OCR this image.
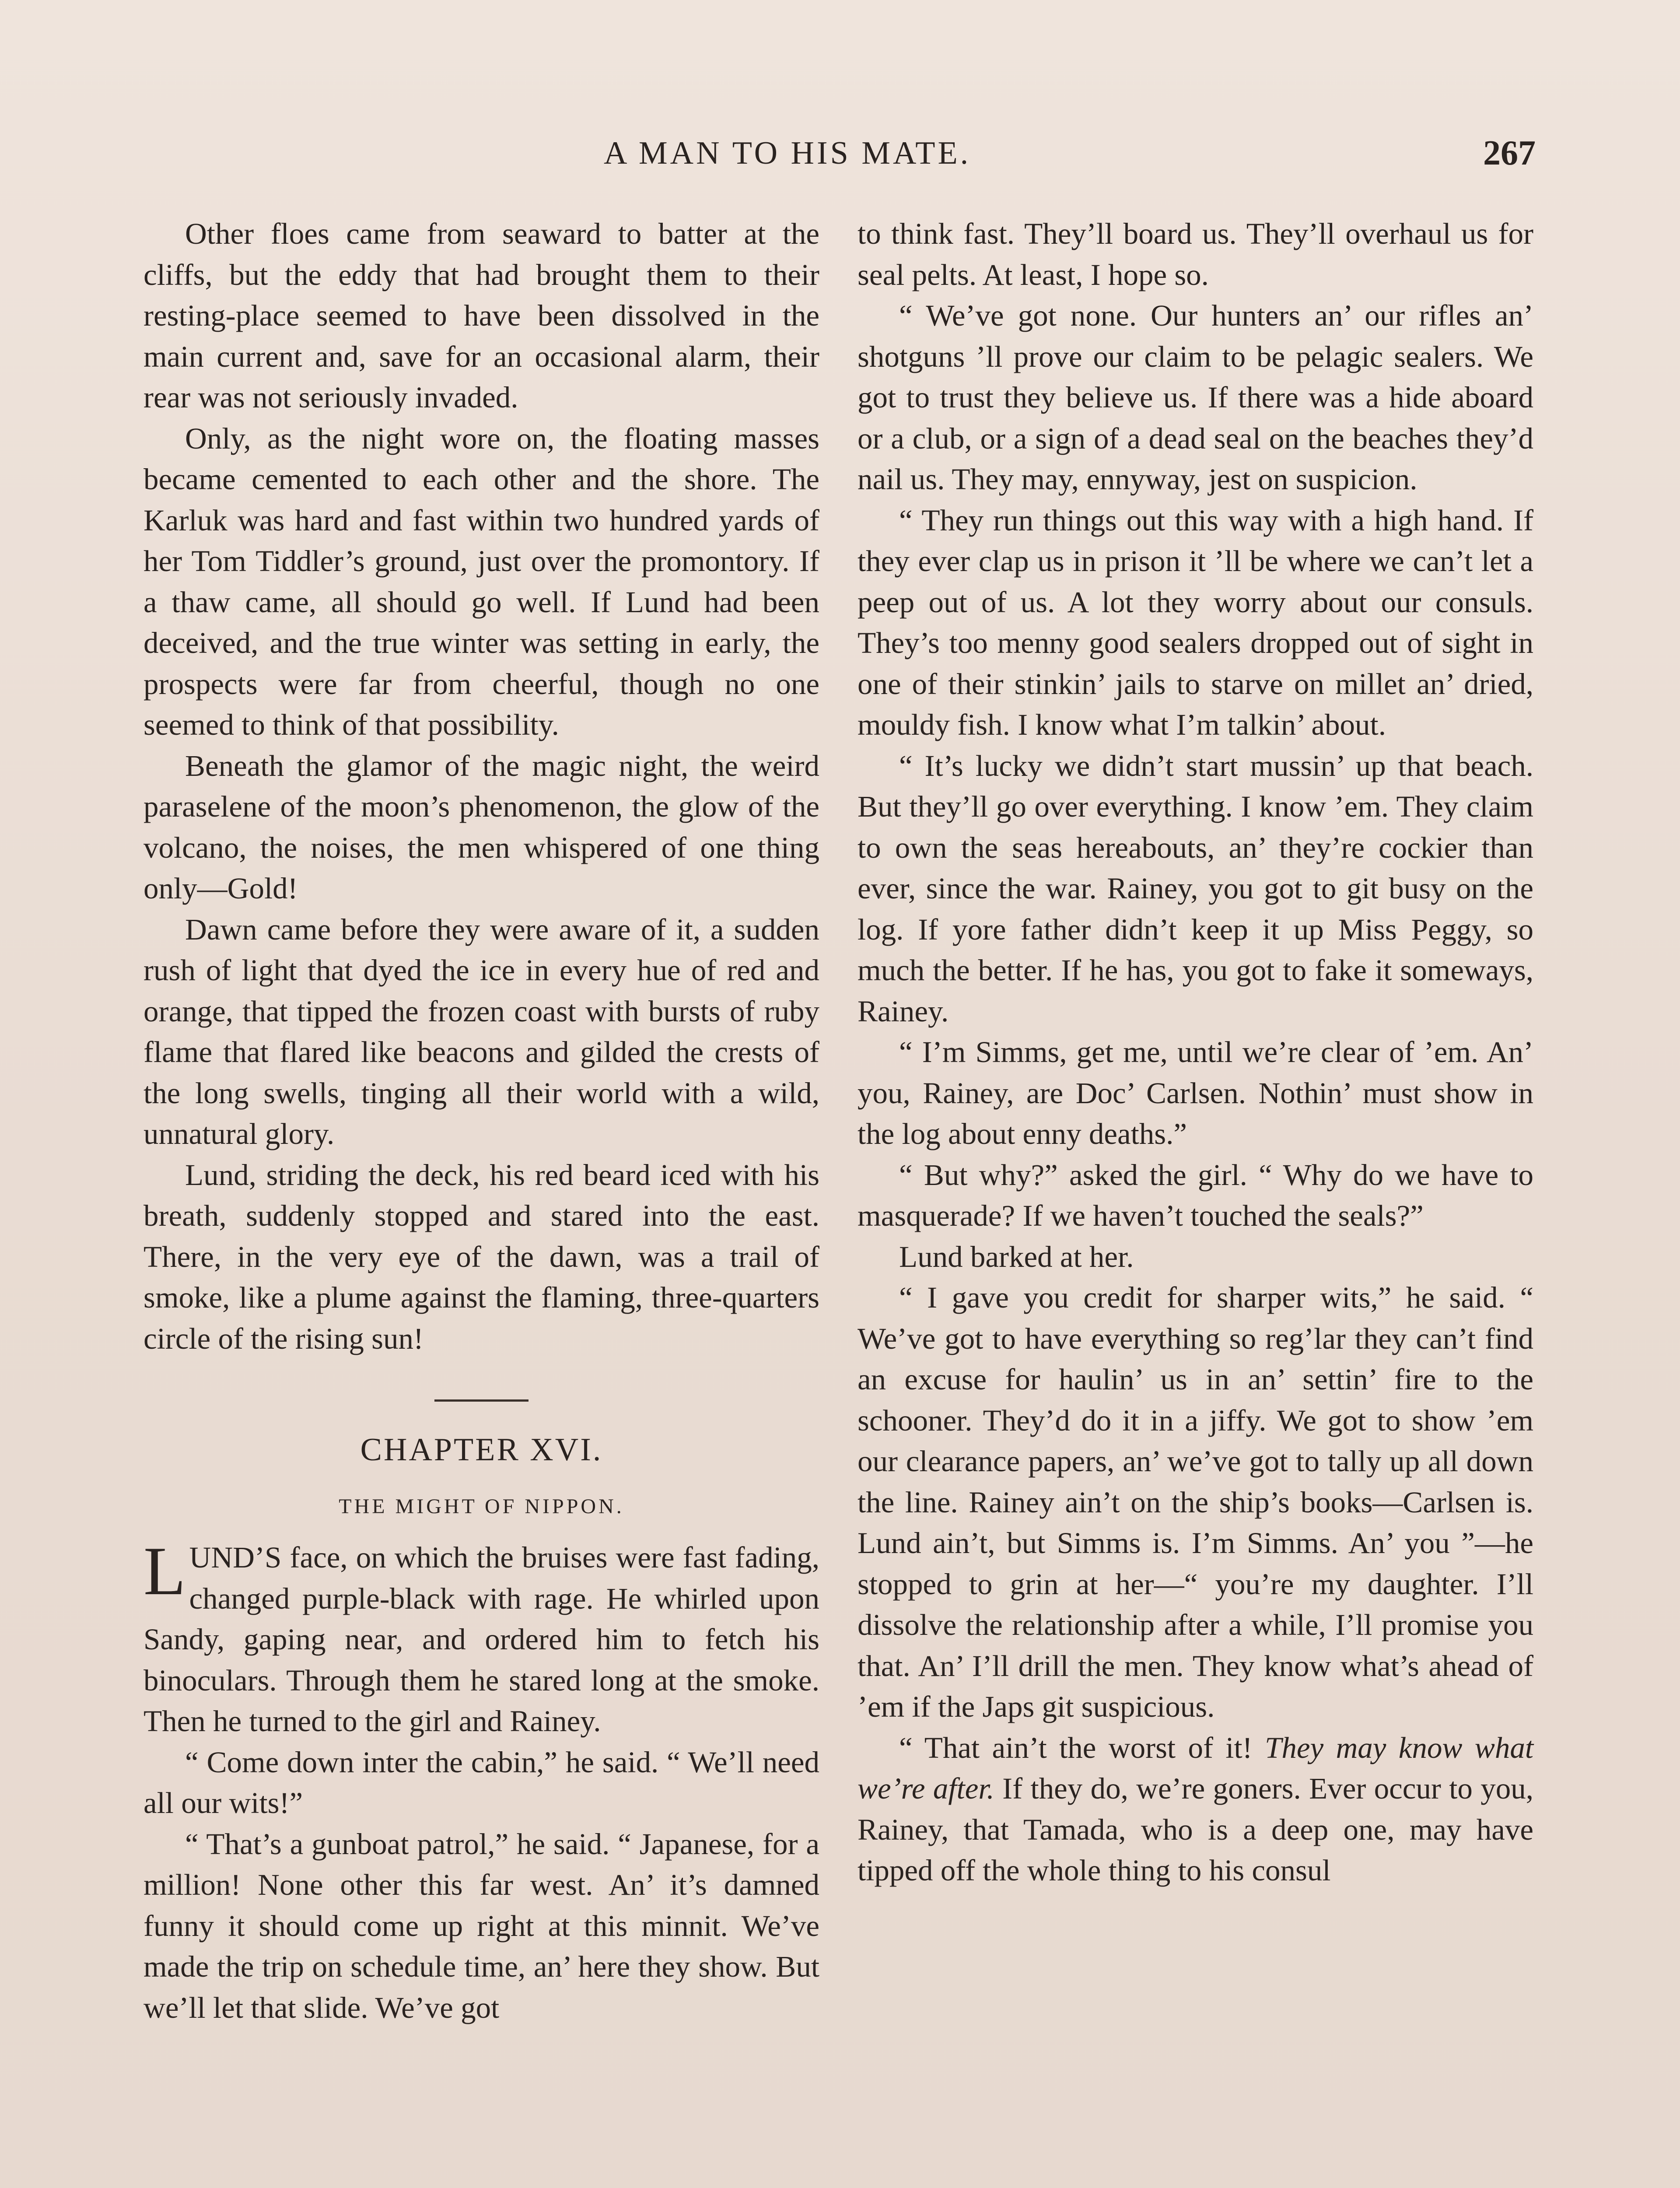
A MAN TO HIS MATE.	267

Other floes came from seaward to batter at the cliffs, but the eddy that had brought them to their resting-place seemed to have been dissolved in the main current and, save for an occasional alarm, their rear was not seriously invaded.

Only, as the night wore on, the floating masses became cemented to each other and the shore. The Karluk was hard and fast within two hundred yards of her Tom Tiddler’s ground, just over the promontory. If a thaw came, all should go well. If Lund had been deceived, and the true winter was setting in early, the prospects were far from cheerful, though no one seemed to think of that possibility.

Beneath the glamor of the magic night, the weird paraselene of the moon’s phenomenon, the glow of the volcano, the noises, the men whispered of one thing only—Gold!

Dawn came before they were aware of it, a sudden rush of light that dyed the ice in every hue of red and orange, that tipped the frozen coast with bursts of ruby flame that flared like beacons and gilded the crests of the long swells, tinging all their world with a wild, unnatural glory.

Lund, striding the deck, his red beard iced with his breath, suddenly stopped and stared into the east. There, in the very eye of the dawn, was a trail of smoke, like a plume against the flaming, three-quarters circle of the rising sun!

CHAPTER XVI.
THE MIGHT OF NIPPON.

LUND’S face, on which the bruises were fast fading, changed purple-black with rage. He whirled upon Sandy, gaping near, and ordered him to fetch his binoculars. Through them he stared long at the smoke. Then he turned to the girl and Rainey.

“ Come down inter the cabin,” he said. “ We’ll need all our wits!”

“ That’s a gunboat patrol,” he said. “ Japanese, for a million! None other this far west. An’ it’s damned funny it should come up right at this minnit. We’ve made the trip on schedule time, an’ here they show. But we’ll let that slide. We’ve got

to think fast. They’ll board us. They’ll overhaul us for seal pelts. At least, I hope so.

“ We’ve got none. Our hunters an’ our rifles an’ shotguns ’ll prove our claim to be pelagic sealers. We got to trust they believe us. If there was a hide aboard or a club, or a sign of a dead seal on the beaches they’d nail us. They may, ennyway, jest on suspicion.

“ They run things out this way with a high hand. If they ever clap us in prison it ’ll be where we can’t let a peep out of us. A lot they worry about our consuls. They’s too menny good sealers dropped out of sight in one of their stinkin’ jails to starve on millet an’ dried, mouldy fish. I know what I’m talkin’ about.

“ It’s lucky we didn’t start mussin’ up that beach. But they’ll go over everything. I know ’em. They claim to own the seas hereabouts, an’ they’re cockier than ever, since the war. Rainey, you got to git busy on the log. If yore father didn’t keep it up Miss Peggy, so much the better. If he has, you got to fake it someways, Rainey.

“ I’m Simms, get me, until we’re clear of ’em. An’ you, Rainey, are Doc’ Carlsen. Nothin’ must show in the log about enny deaths.”

“ But why?” asked the girl. “ Why do we have to masquerade? If we haven’t touched the seals?”

Lund barked at her.

“ I gave you credit for sharper wits,” he said. “ We’ve got to have everything so reg’lar they can’t find an excuse for haulin’ us in an’ settin’ fire to the schooner. They’d do it in a jiffy. We got to show ’em our clearance papers, an’ we’ve got to tally up all down the line. Rainey ain’t on the ship’s books—Carlsen is. Lund ain’t, but Simms is. I’m Simms. An’ you ”—he stopped to grin at her—“ you’re my daughter. I’ll dissolve the relationship after a while, I’ll promise you that. An’ I’ll drill the men. They know what’s ahead of ’em if the Japs git suspicious.

“ That ain’t the worst of it! They may know what we’re after. If they do, we’re goners. Ever occur to you, Rainey, that Tamada, who is a deep one, may have tipped off the whole thing to his consul
